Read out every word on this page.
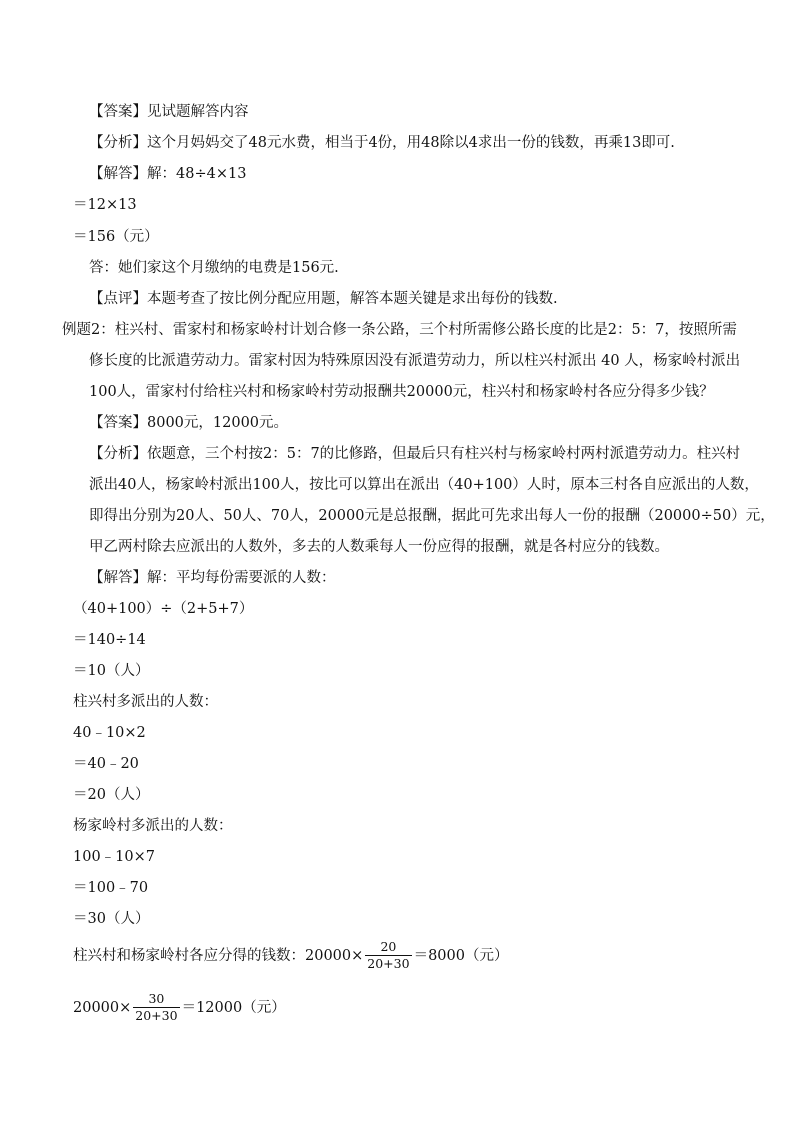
【答案】见试题解答内容
【分析】这个月妈妈交了48元水费，相当于4份，用48除以4求出一份的钱数，再乘13即可.
【解答】解：48÷4×13
＝12×13
＝156（元）
答：她们家这个月缴纳的电费是156元.
【点评】本题考查了按比例分配应用题，解答本题关键是求出每份的钱数.
例题2：柱兴村、雷家村和杨家岭村计划合修一条公路，三个村所需修公路长度的比是2：5：7，按照所需
修长度的比派遣劳动力。雷家村因为特殊原因没有派遣劳动力，所以柱兴村派出 40 人，杨家岭村派出
100人，雷家村付给柱兴村和杨家岭村劳动报酬共20000元，柱兴村和杨家岭村各应分得多少钱？
【答案】8000元，12000元。
【分析】依题意，三个村按2：5：7的比修路，但最后只有柱兴村与杨家岭村两村派遣劳动力。柱兴村
派出40人，杨家岭村派出100人，按比可以算出在派出（40+100）人时，原本三村各自应派出的人数，
即得出分别为20人、50人、70人，20000元是总报酬，据此可先求出每人一份的报酬（20000÷50）元，
甲乙两村除去应派出的人数外，多去的人数乘每人一份应得的报酬，就是各村应分的钱数。
【解答】解：平均每份需要派的人数：
（40+100）÷（2+5+7）
＝140÷14
＝10（人）
柱兴村多派出的人数：
40﹣10×2
＝40﹣20
＝20（人）
杨家岭村多派出的人数：
100﹣10×7
＝100﹣70
＝30（人）
柱兴村和杨家岭村各应分得的钱数：$20000\times \frac{20}{20+30} =8000$（元）
$20000\times \frac{30}{20+30} =12000$（元）
